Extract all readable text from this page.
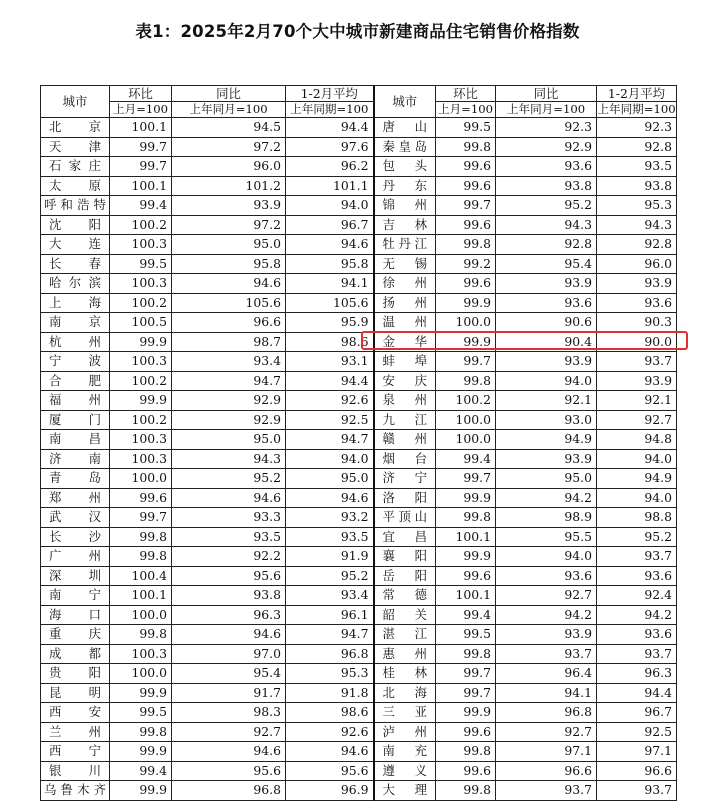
表1：2025年2月70个大中城市新建商品住宅销售价格指数
城市	环比	同比	1-2月平均	城市	环比	同比	1-2月平均
	上月=100	上年同月=100	上年同期=100		上月=100	上年同月=100	上年同期=100
北京	100.1	94.5	94.4	唐山	99.5	92.3	92.3
天津	99.7	97.2	97.6	秦皇岛	99.8	92.9	92.8
石家庄	99.7	96.0	96.2	包头	99.6	93.6	93.5
太原	100.1	101.2	101.1	丹东	99.6	93.8	93.8
呼和浩特	99.4	93.9	94.0	锦州	99.7	95.2	95.3
沈阳	100.2	97.2	96.7	吉林	99.6	94.3	94.3
大连	100.3	95.0	94.6	牡丹江	99.8	92.8	92.8
长春	99.5	95.8	95.8	无锡	99.2	95.4	96.0
哈尔滨	100.3	94.6	94.1	徐州	99.6	93.9	93.9
上海	100.2	105.6	105.6	扬州	99.9	93.6	93.6
南京	100.5	96.6	95.9	温州	100.0	90.6	90.3
杭州	99.9	98.7	98.6	金华	99.9	90.4	90.0
宁波	100.3	93.4	93.1	蚌埠	99.7	93.9	93.7
合肥	100.2	94.7	94.4	安庆	99.8	94.0	93.9
福州	99.9	92.9	92.6	泉州	100.2	92.1	92.1
厦门	100.2	92.9	92.5	九江	100.0	93.0	92.7
南昌	100.3	95.0	94.7	赣州	100.0	94.9	94.8
济南	100.3	94.3	94.0	烟台	99.4	93.9	94.0
青岛	100.0	95.2	95.0	济宁	99.7	95.0	94.9
郑州	99.6	94.6	94.6	洛阳	99.9	94.2	94.0
武汉	99.7	93.3	93.2	平顶山	99.8	98.9	98.8
长沙	99.8	93.5	93.5	宜昌	100.1	95.5	95.2
广州	99.8	92.2	91.9	襄阳	99.9	94.0	93.7
深圳	100.4	95.6	95.2	岳阳	99.6	93.6	93.6
南宁	100.1	93.8	93.4	常德	100.1	92.7	92.4
海口	100.0	96.3	96.1	韶关	99.4	94.2	94.2
重庆	99.8	94.6	94.7	湛江	99.5	93.9	93.6
成都	100.3	97.0	96.8	惠州	99.8	93.7	93.7
贵阳	100.0	95.4	95.3	桂林	99.7	96.4	96.3
昆明	99.9	91.7	91.8	北海	99.7	94.1	94.4
西安	99.5	98.3	98.6	三亚	99.9	96.8	96.7
兰州	99.8	92.7	92.6	泸州	99.6	92.7	92.5
西宁	99.9	94.6	94.6	南充	99.8	97.1	97.1
银川	99.4	95.6	95.6	遵义	99.6	96.6	96.6
乌鲁木齐	99.9	96.8	96.9	大理	99.8	93.7	93.7
